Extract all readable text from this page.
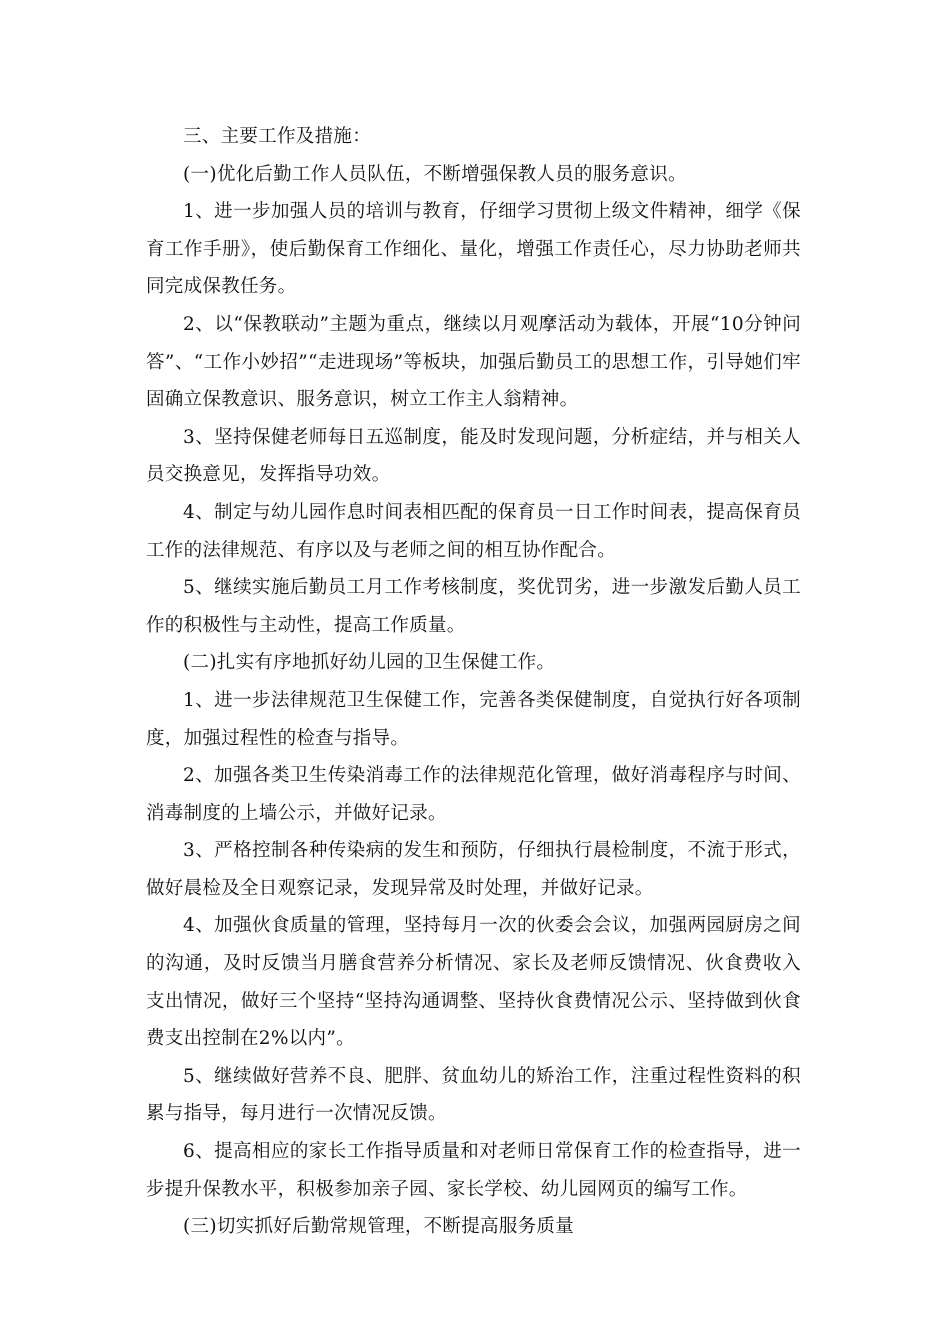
三、主要工作及措施：

(一)优化后勤工作人员队伍，不断增强保教人员的服务意识。

1、进一步加强人员的培训与教育，仔细学习贯彻上级文件精神，细学《保育工作手册》，使后勤保育工作细化、量化，增强工作责任心，尽力协助老师共同完成保教任务。

2、以“保教联动”主题为重点，继续以月观摩活动为载体，开展“10分钟问答”、“工作小妙招”“走进现场”等板块，加强后勤员工的思想工作，引导她们牢固确立保教意识、服务意识，树立工作主人翁精神。

3、坚持保健老师每日五巡制度，能及时发现问题，分析症结，并与相关人员交换意见，发挥指导功效。

4、制定与幼儿园作息时间表相匹配的保育员一日工作时间表，提高保育员工作的法律规范、有序以及与老师之间的相互协作配合。

5、继续实施后勤员工月工作考核制度，奖优罚劣，进一步激发后勤人员工作的积极性与主动性，提高工作质量。

(二)扎实有序地抓好幼儿园的卫生保健工作。

1、进一步法律规范卫生保健工作，完善各类保健制度，自觉执行好各项制度，加强过程性的检查与指导。

2、加强各类卫生传染消毒工作的法律规范化管理，做好消毒程序与时间、消毒制度的上墙公示，并做好记录。

3、严格控制各种传染病的发生和预防，仔细执行晨检制度，不流于形式，做好晨检及全日观察记录，发现异常及时处理，并做好记录。

4、加强伙食质量的管理，坚持每月一次的伙委会会议，加强两园厨房之间的沟通，及时反馈当月膳食营养分析情况、家长及老师反馈情况、伙食费收入支出情况，做好三个坚持“坚持沟通调整、坚持伙食费情况公示、坚持做到伙食费支出控制在2%以内”。

5、继续做好营养不良、肥胖、贫血幼儿的矫治工作，注重过程性资料的积累与指导，每月进行一次情况反馈。

6、提高相应的家长工作指导质量和对老师日常保育工作的检查指导，进一步提升保教水平，积极参加亲子园、家长学校、幼儿园网页的编写工作。

(三)切实抓好后勤常规管理，不断提高服务质量
